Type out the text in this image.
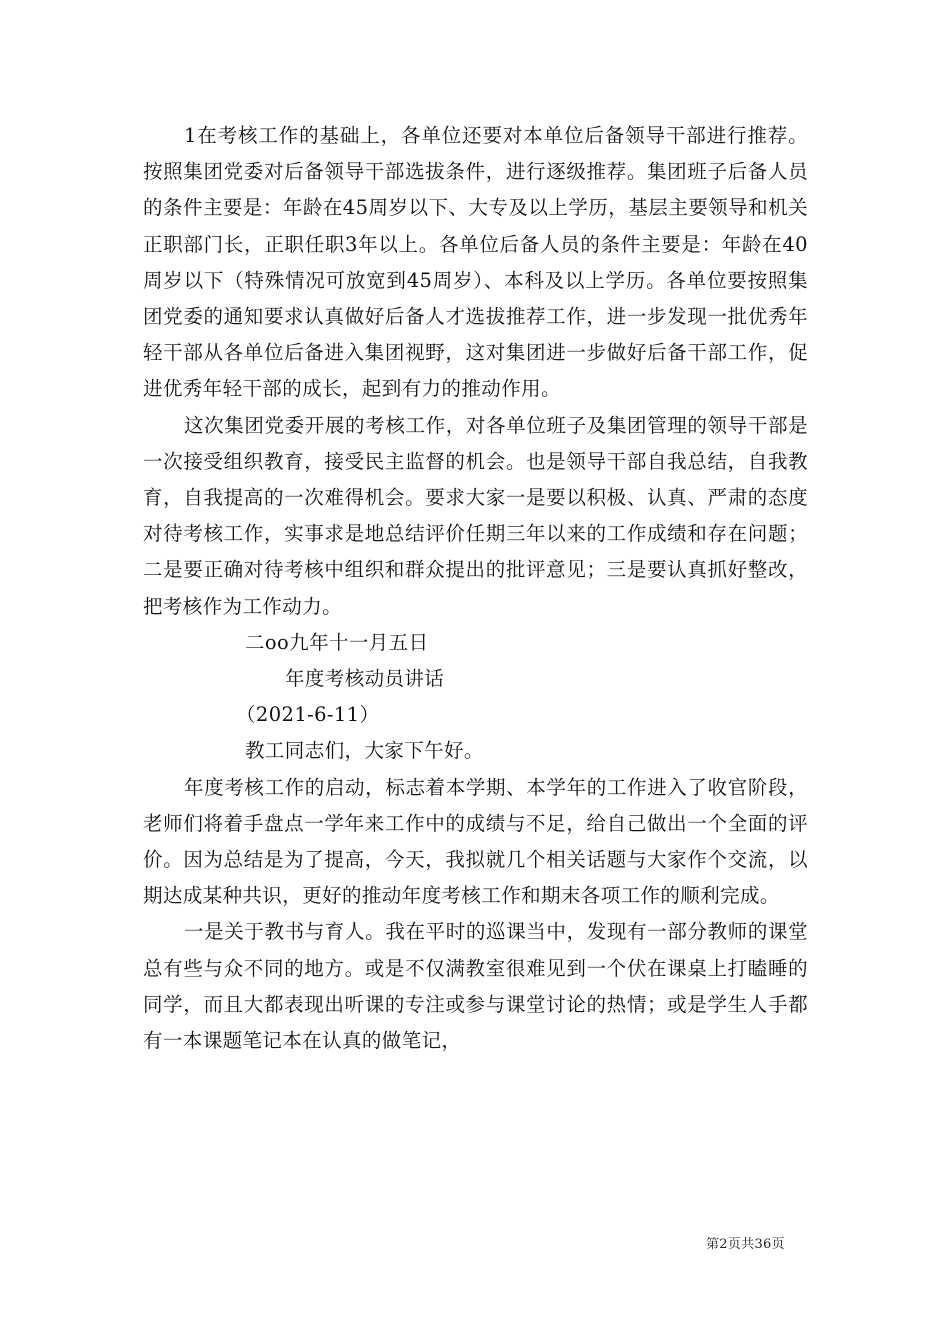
1在考核工作的基础上，各单位还要对本单位后备领导干部进行推荐。按照集团党委对后备领导干部选拔条件，进行逐级推荐。集团班子后备人员的条件主要是：年龄在45周岁以下、大专及以上学历，基层主要领导和机关正职部门长，正职任职3年以上。各单位后备人员的条件主要是：年龄在40周岁以下（特殊情况可放宽到45周岁）、本科及以上学历。各单位要按照集团党委的通知要求认真做好后备人才选拔推荐工作，进一步发现一批优秀年轻干部从各单位后备进入集团视野，这对集团进一步做好后备干部工作，促进优秀年轻干部的成长，起到有力的推动作用。

这次集团党委开展的考核工作，对各单位班子及集团管理的领导干部是一次接受组织教育，接受民主监督的机会。也是领导干部自我总结，自我教育，自我提高的一次难得机会。要求大家一是要以积极、认真、严肃的态度对待考核工作，实事求是地总结评价任期三年以来的工作成绩和存在问题；二是要正确对待考核中组织和群众提出的批评意见；三是要认真抓好整改，把考核作为工作动力。

二oo九年十一月五日

年度考核动员讲话

（2021-6-11）

教工同志们，大家下午好。

年度考核工作的启动，标志着本学期、本学年的工作进入了收官阶段，老师们将着手盘点一学年来工作中的成绩与不足，给自己做出一个全面的评价。因为总结是为了提高，今天，我拟就几个相关话题与大家作个交流，以期达成某种共识，更好的推动年度考核工作和期末各项工作的顺利完成。

一是关于教书与育人。我在平时的巡课当中，发现有一部分教师的课堂总有些与众不同的地方。或是不仅满教室很难见到一个伏在课桌上打瞌睡的同学，而且大都表现出听课的专注或参与课堂讨论的热情；或是学生人手都有一本课题笔记本在认真的做笔记，

第2页共36页
